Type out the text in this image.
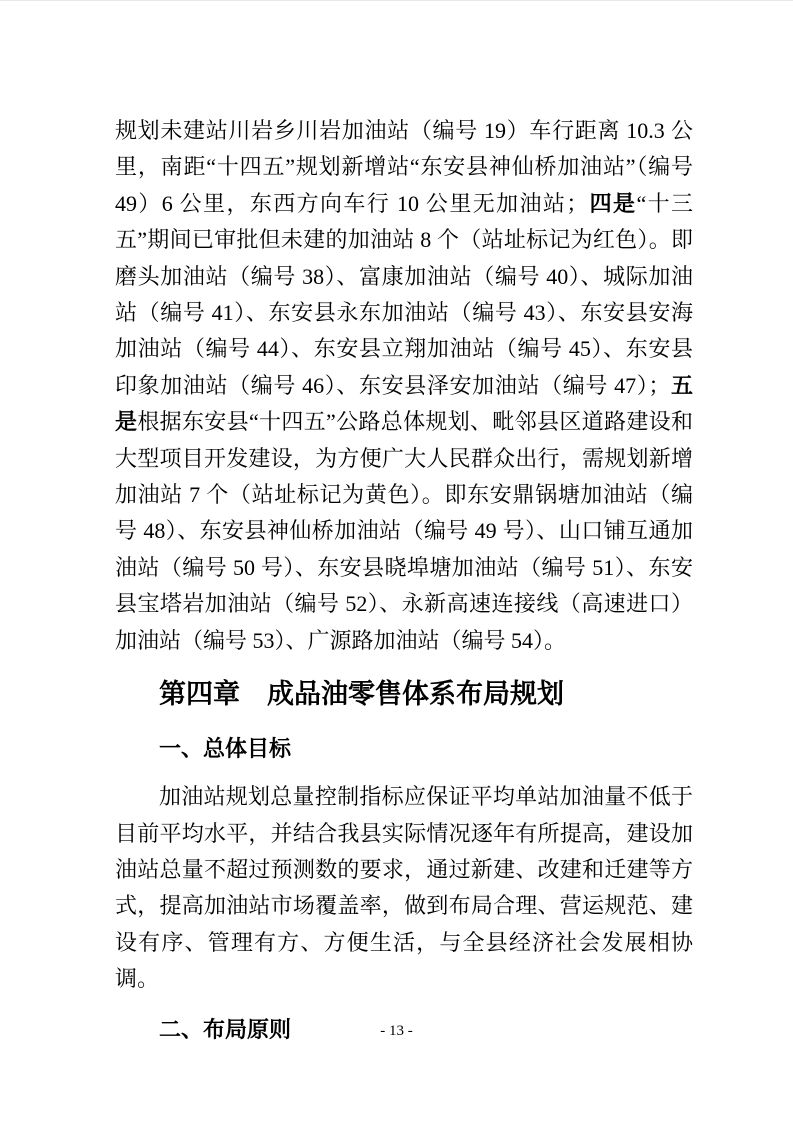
规划未建站川岩乡川岩加油站（编号 19）车行距离 10.3 公里，南距“十四五”规划新增站“东安县神仙桥加油站”（编号 49）6 公里，东西方向车行 10 公里无加油站；四是“十三五”期间已审批但未建的加油站 8 个（站址标记为红色）。即磨头加油站（编号 38）、富康加油站（编号 40）、城际加油站（编号 41）、东安县永东加油站（编号 43）、东安县安海加油站（编号 44）、东安县立翔加油站（编号 45）、东安县印象加油站（编号 46）、东安县泽安加油站（编号 47）；五是根据东安县“十四五”公路总体规划、毗邻县区道路建设和大型项目开发建设，为方便广大人民群众出行，需规划新增加油站 7 个（站址标记为黄色）。即东安鼎锅塘加油站（编号 48）、东安县神仙桥加油站（编号 49 号）、山口铺互通加油站（编号 50 号）、东安县晓埠塘加油站（编号 51）、东安县宝塔岩加油站（编号 52）、永新高速连接线（高速进口）加油站（编号 53）、广源路加油站（编号 54）。

第四章　成品油零售体系布局规划
一、总体目标

加油站规划总量控制指标应保证平均单站加油量不低于目前平均水平，并结合我县实际情况逐年有所提高，建设加油站总量不超过预测数的要求，通过新建、改建和迁建等方式，提高加油站市场覆盖率，做到布局合理、营运规范、建设有序、管理有方、方便生活，与全县经济社会发展相协调。

二、布局原则	- 13 -
